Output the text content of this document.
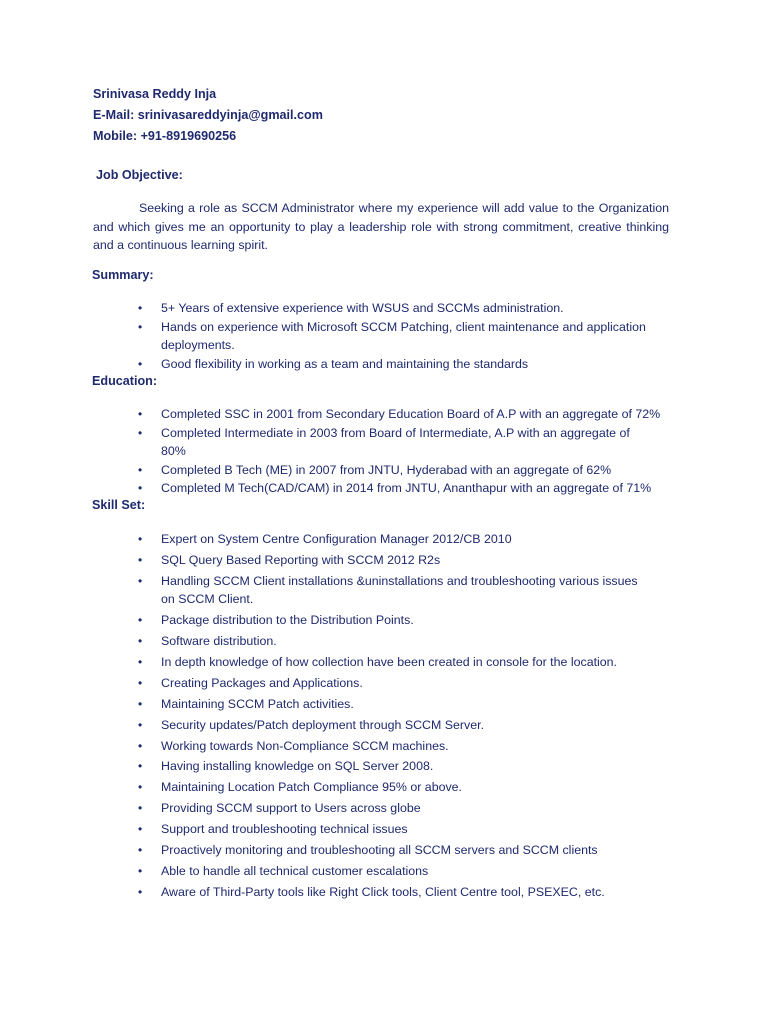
Srinivasa Reddy Inja
E-Mail: srinivasareddyinja@gmail.com
Mobile: +91-8919690256
Job Objective:
Seeking a role as SCCM Administrator where my experience will add value to the Organization and which gives me an opportunity to play a leadership role with strong commitment, creative thinking and a continuous learning spirit.
Summary:
• 5+ Years of extensive experience with WSUS and SCCMs administration.
• Hands on experience with Microsoft SCCM Patching, client maintenance and application deployments.
• Good flexibility in working as a team and maintaining the standards
Education:
• Completed SSC in 2001 from Secondary Education Board of A.P with an aggregate of 72%
• Completed Intermediate in 2003 from Board of Intermediate, A.P with an aggregate of 80%
• Completed B Tech (ME) in 2007 from JNTU, Hyderabad with an aggregate of 62%
• Completed M Tech(CAD/CAM) in 2014 from JNTU, Ananthapur with an aggregate of 71%
Skill Set:
• Expert on System Centre Configuration Manager 2012/CB 2010
• SQL Query Based Reporting with SCCM 2012 R2s
• Handling SCCM Client installations &uninstallations and troubleshooting various issues on SCCM Client.
• Package distribution to the Distribution Points.
• Software distribution.
• In depth knowledge of how collection have been created in console for the location.
• Creating Packages and Applications.
• Maintaining SCCM Patch activities.
• Security updates/Patch deployment through SCCM Server.
• Working towards Non-Compliance SCCM machines.
• Having installing knowledge on SQL Server 2008.
• Maintaining Location Patch Compliance 95% or above.
• Providing SCCM support to Users across globe
• Support and troubleshooting technical issues
• Proactively monitoring and troubleshooting all SCCM servers and SCCM clients
• Able to handle all technical customer escalations
• Aware of Third-Party tools like Right Click tools, Client Centre tool, PSEXEC, etc.
